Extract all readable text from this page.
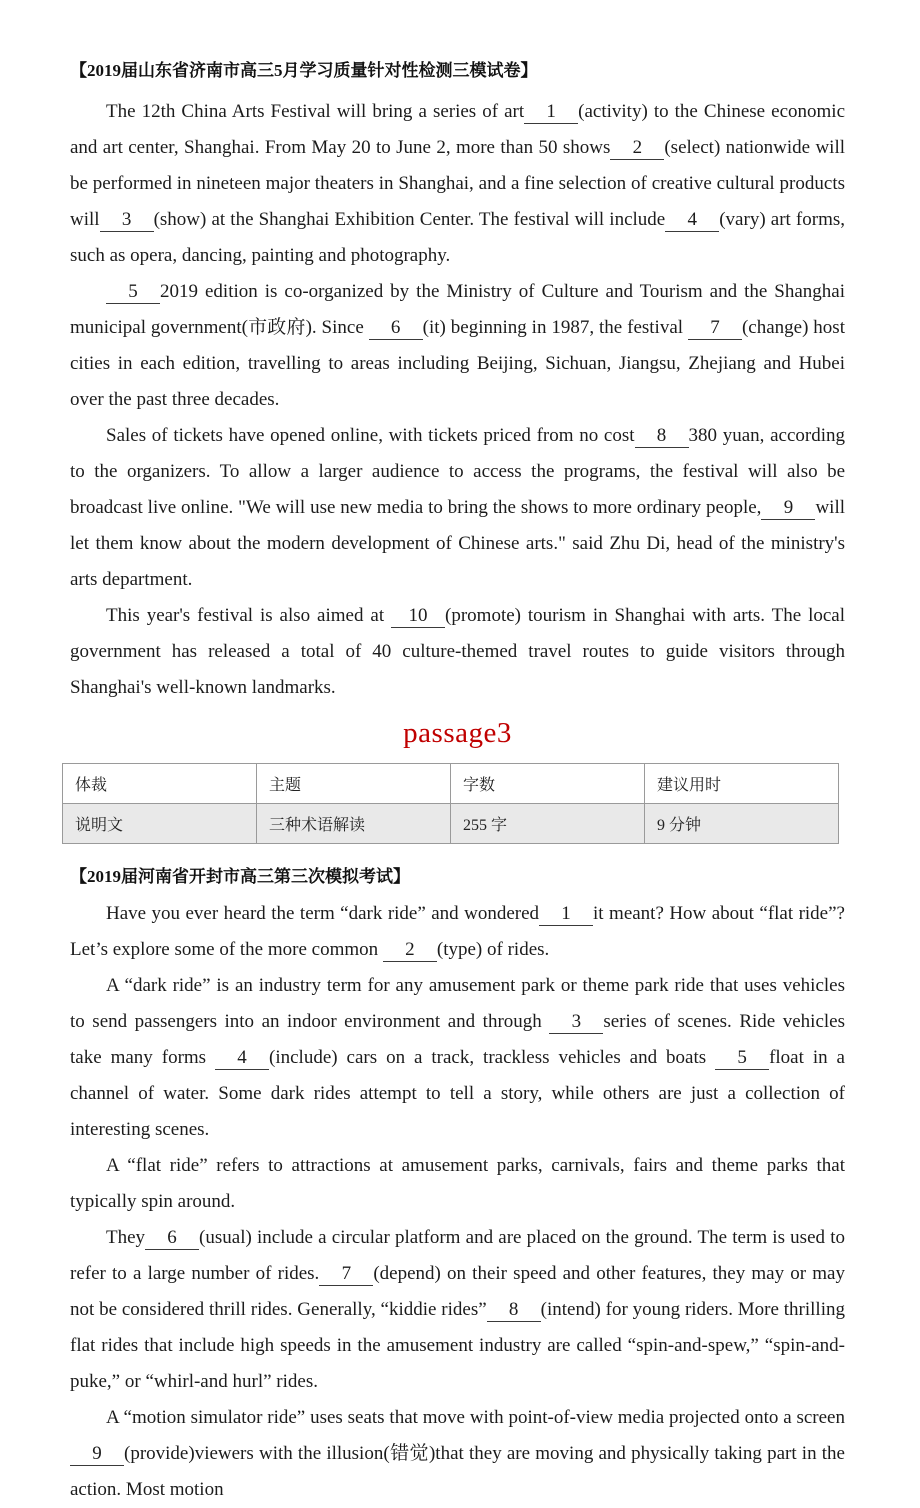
【2019届山东省济南市高三5月学习质量针对性检测三模试卷】

The 12th China Arts Festival will bring a series of art 1 (activity) to the Chinese economic and art center, Shanghai. From May 20 to June 2, more than 50 shows 2 (select) nationwide will be performed in nineteen major theaters in Shanghai, and a fine selection of creative cultural products will 3 (show) at the Shanghai Exhibition Center. The festival will include 4 (vary) art forms, such as opera, dancing, painting and photography.

5 2019 edition is co-organized by the Ministry of Culture and Tourism and the Shanghai municipal government(市政府). Since 6 (it) beginning in 1987, the festival 7 (change) host cities in each edition, travelling to areas including Beijing, Sichuan, Jiangsu, Zhejiang and Hubei over the past three decades.

Sales of tickets have opened online, with tickets priced from no cost 8 380 yuan, according to the organizers. To allow a larger audience to access the programs, the festival will also be broadcast live online. "We will use new media to bring the shows to more ordinary people, 9 will let them know about the modern development of Chinese arts." said Zhu Di, head of the ministry's arts department.

This year's festival is also aimed at 10 (promote) tourism in Shanghai with arts. The local government has released a total of 40 culture-themed travel routes to guide visitors through Shanghai's well-known landmarks.

passage3
体裁	主题	字数	建议用时
说明文	三种术语解读	255 字	9 分钟
【2019届河南省开封市高三第三次模拟考试】

Have you ever heard the term “dark ride” and wondered 1 it meant? How about “flat ride”? Let’s explore some of the more common 2 (type) of rides.

A “dark ride” is an industry term for any amusement park or theme park ride that uses vehicles to send passengers into an indoor environment and through 3 series of scenes. Ride vehicles take many forms 4 (include) cars on a track, trackless vehicles and boats 5 float in a channel of water. Some dark rides attempt to tell a story, while others are just a collection of interesting scenes.

A “flat ride” refers to attractions at amusement parks, carnivals, fairs and theme parks that typically spin around.

They 6 (usual) include a circular platform and are placed on the ground. The term is used to refer to a large number of rides. 7 (depend) on their speed and other features, they may or may not be considered thrill rides. Generally, “kiddie rides” 8 (intend) for young riders. More thrilling flat rides that include high speeds in the amusement industry are called “spin-and-spew,” “spin-and-puke,” or “whirl-and hurl” rides.

A “motion simulator ride” uses seats that move with point-of-view media projected onto a screen 9 (provide)viewers with the illusion(错觉)that they are moving and physically taking part in the action. Most motion
